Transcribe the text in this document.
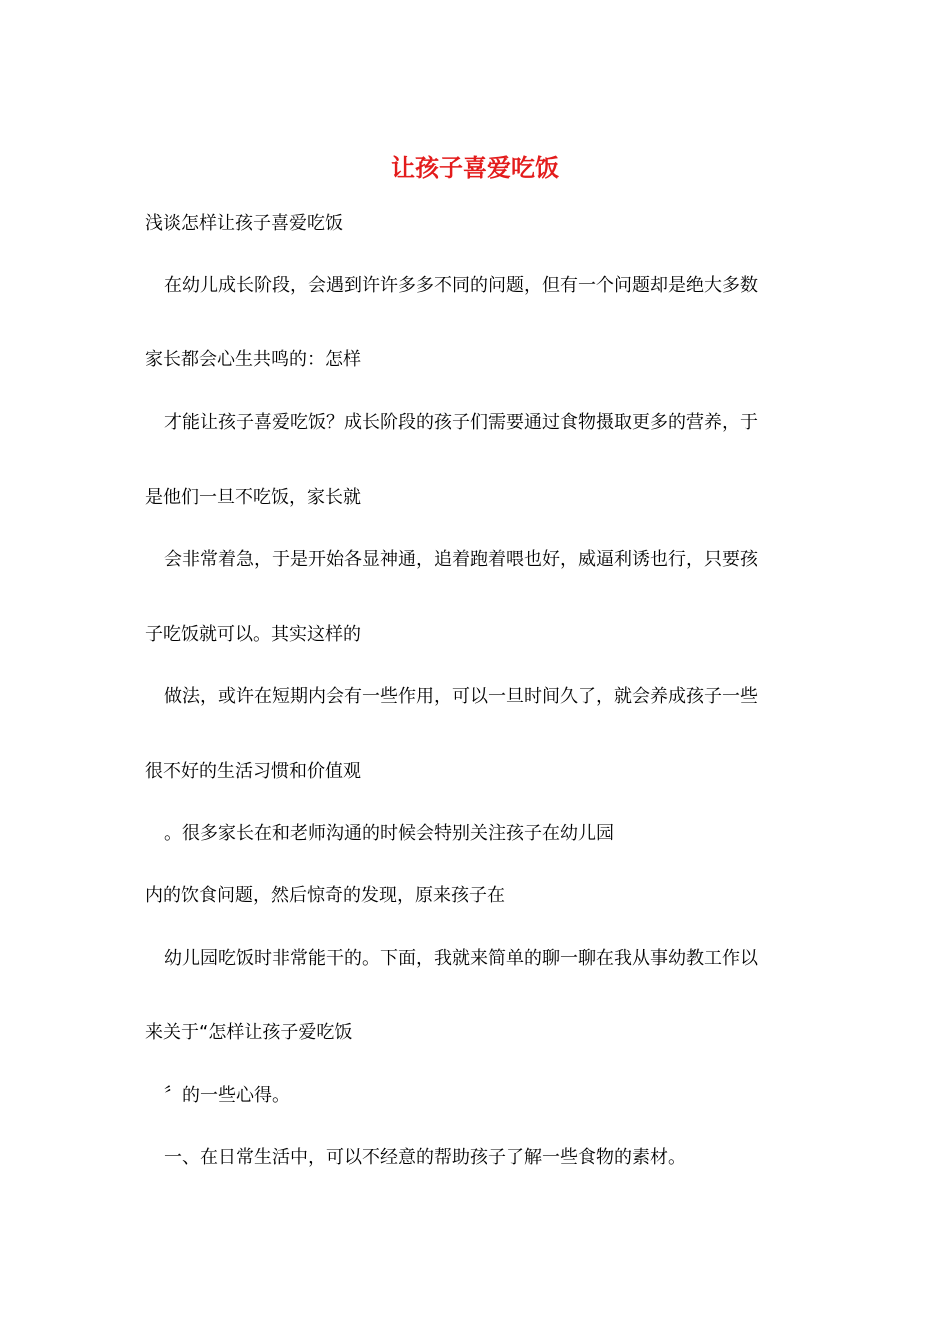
让孩子喜爱吃饭
浅谈怎样让孩子喜爱吃饭
在幼儿成长阶段，会遇到许许多多不同的问题，但有一个问题却是绝大多数
家长都会心生共鸣的：怎样
才能让孩子喜爱吃饭？成长阶段的孩子们需要通过食物摄取更多的营养，于
是他们一旦不吃饭，家长就
会非常着急，于是开始各显神通，追着跑着喂也好，威逼利诱也行，只要孩
子吃饭就可以。其实这样的
做法，或许在短期内会有一些作用，可以一旦时间久了，就会养成孩子一些
很不好的生活习惯和价值观
。很多家长在和老师沟通的时候会特别关注孩子在幼儿园
内的饮食问题，然后惊奇的发现，原来孩子在
幼儿园吃饭时非常能干的。下面，我就来简单的聊一聊在我从事幼教工作以
来关于“怎样让孩子爱吃饭
〞的一些心得。
一、在日常生活中，可以不经意的帮助孩子了解一些食物的素材。
